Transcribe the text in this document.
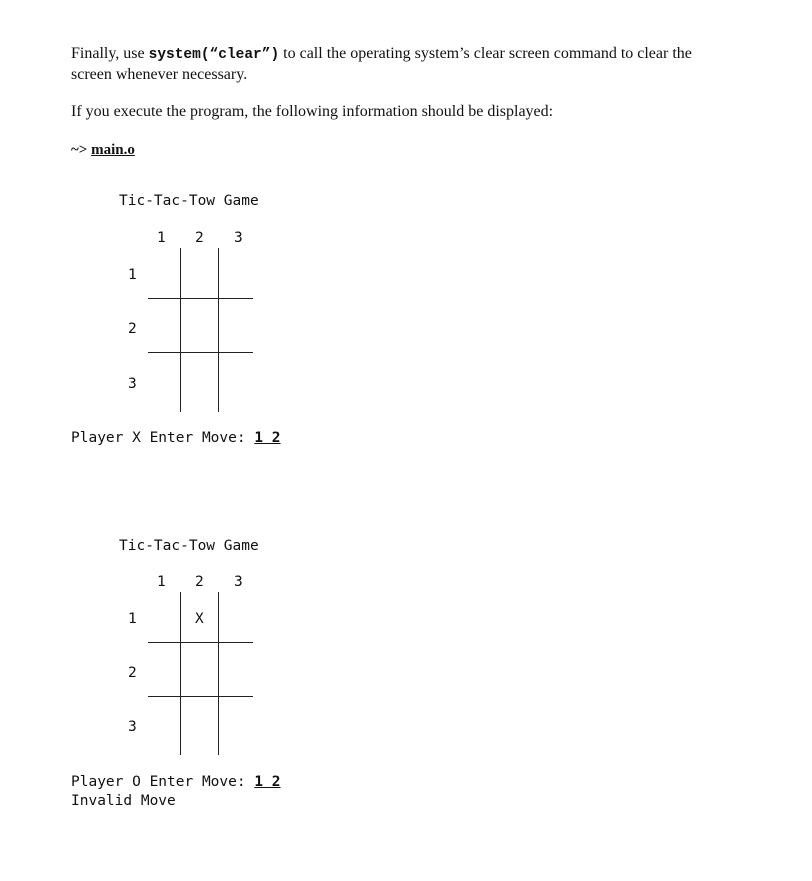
Finally, use system(“clear”) to call the operating system’s clear screen command to clear the screen whenever necessary.
If you execute the program, the following information should be displayed:
~> main.o
Tic-Tac-Tow Game
1 2 3
1
2
3
Player X Enter Move: 1 2
Tic-Tac-Tow Game
1 2 3
1
2
3
X
Player O Enter Move: 1 2
Invalid Move
